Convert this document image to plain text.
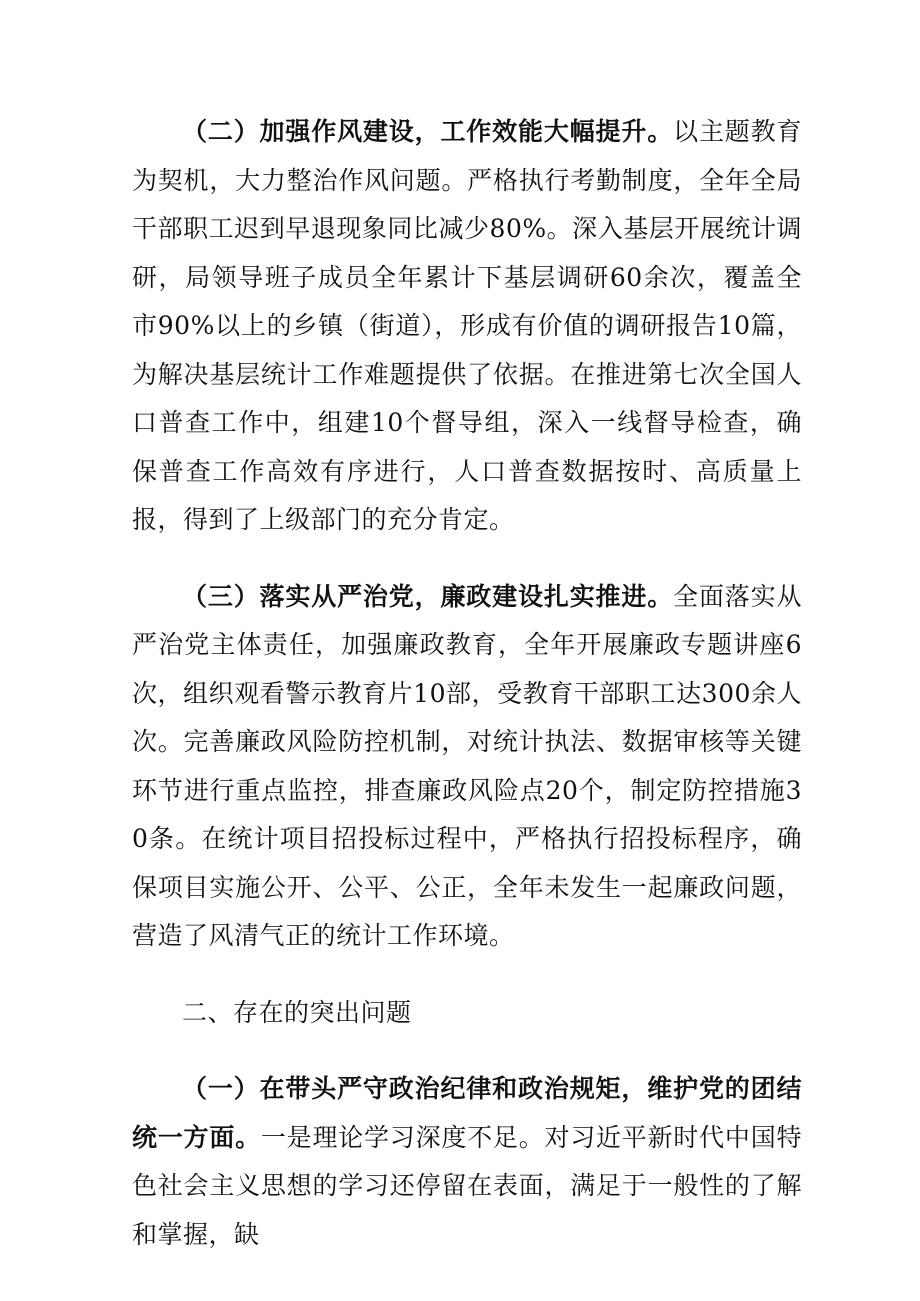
（二）加强作风建设，工作效能大幅提升。以主题教育为契机，大力整治作风问题。严格执行考勤制度，全年全局干部职工迟到早退现象同比减少80%。深入基层开展统计调研，局领导班子成员全年累计下基层调研60余次，覆盖全市90%以上的乡镇（街道），形成有价值的调研报告10篇，为解决基层统计工作难题提供了依据。在推进第七次全国人口普查工作中，组建10个督导组，深入一线督导检查，确保普查工作高效有序进行，人口普查数据按时、高质量上报，得到了上级部门的充分肯定。

（三）落实从严治党，廉政建设扎实推进。全面落实从严治党主体责任，加强廉政教育，全年开展廉政专题讲座6次，组织观看警示教育片10部，受教育干部职工达300余人次。完善廉政风险防控机制，对统计执法、数据审核等关键环节进行重点监控，排查廉政风险点20个，制定防控措施30条。在统计项目招投标过程中，严格执行招投标程序，确保项目实施公开、公平、公正，全年未发生一起廉政问题，营造了风清气正的统计工作环境。

二、存在的突出问题

（一）在带头严守政治纪律和政治规矩，维护党的团结统一方面。一是理论学习深度不足。对习近平新时代中国特色社会主义思想的学习还停留在表面，满足于一般性的了解和掌握，缺
